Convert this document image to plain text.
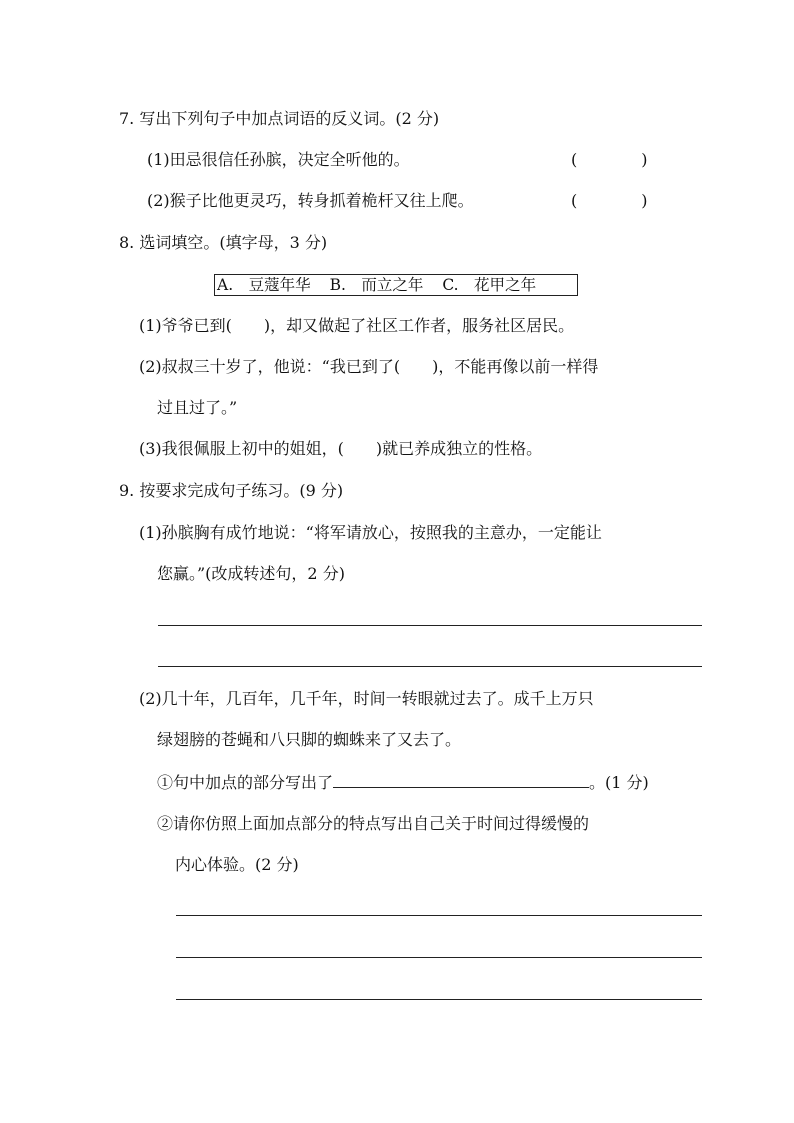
7. 写出下列句子中加点词语的反义词。(2 分)
(1)田忌很信任孙膑，决定全听他的。	(　　　　)
(2)猴子比他更灵巧，转身抓着桅杆又往上爬。	(　　　　)
8. 选词填空。(填字母，3 分)
A.　豆蔻年华 B.　而立之年 C.　花甲之年
(1)爷爷已到(　　)，却又做起了社区工作者，服务社区居民。
(2)叔叔三十岁了，他说：“我已到了(　　)，不能再像以前一样得
过且过了。”
(3)我很佩服上初中的姐姐，(　　)就已养成独立的性格。
9. 按要求完成句子练习。(9 分)
(1)孙膑胸有成竹地说：“将军请放心，按照我的主意办，一定能让
您赢。”(改成转述句，2 分)
(2)几十年，几百年，几千年，时间一转眼就过去了。成千上万只
绿翅膀的苍蝇和八只脚的蜘蛛来了又去了。
①句中加点的部分写出了	。(1 分)
②请你仿照上面加点部分的特点写出自己关于时间过得缓慢的
内心体验。(2 分)
